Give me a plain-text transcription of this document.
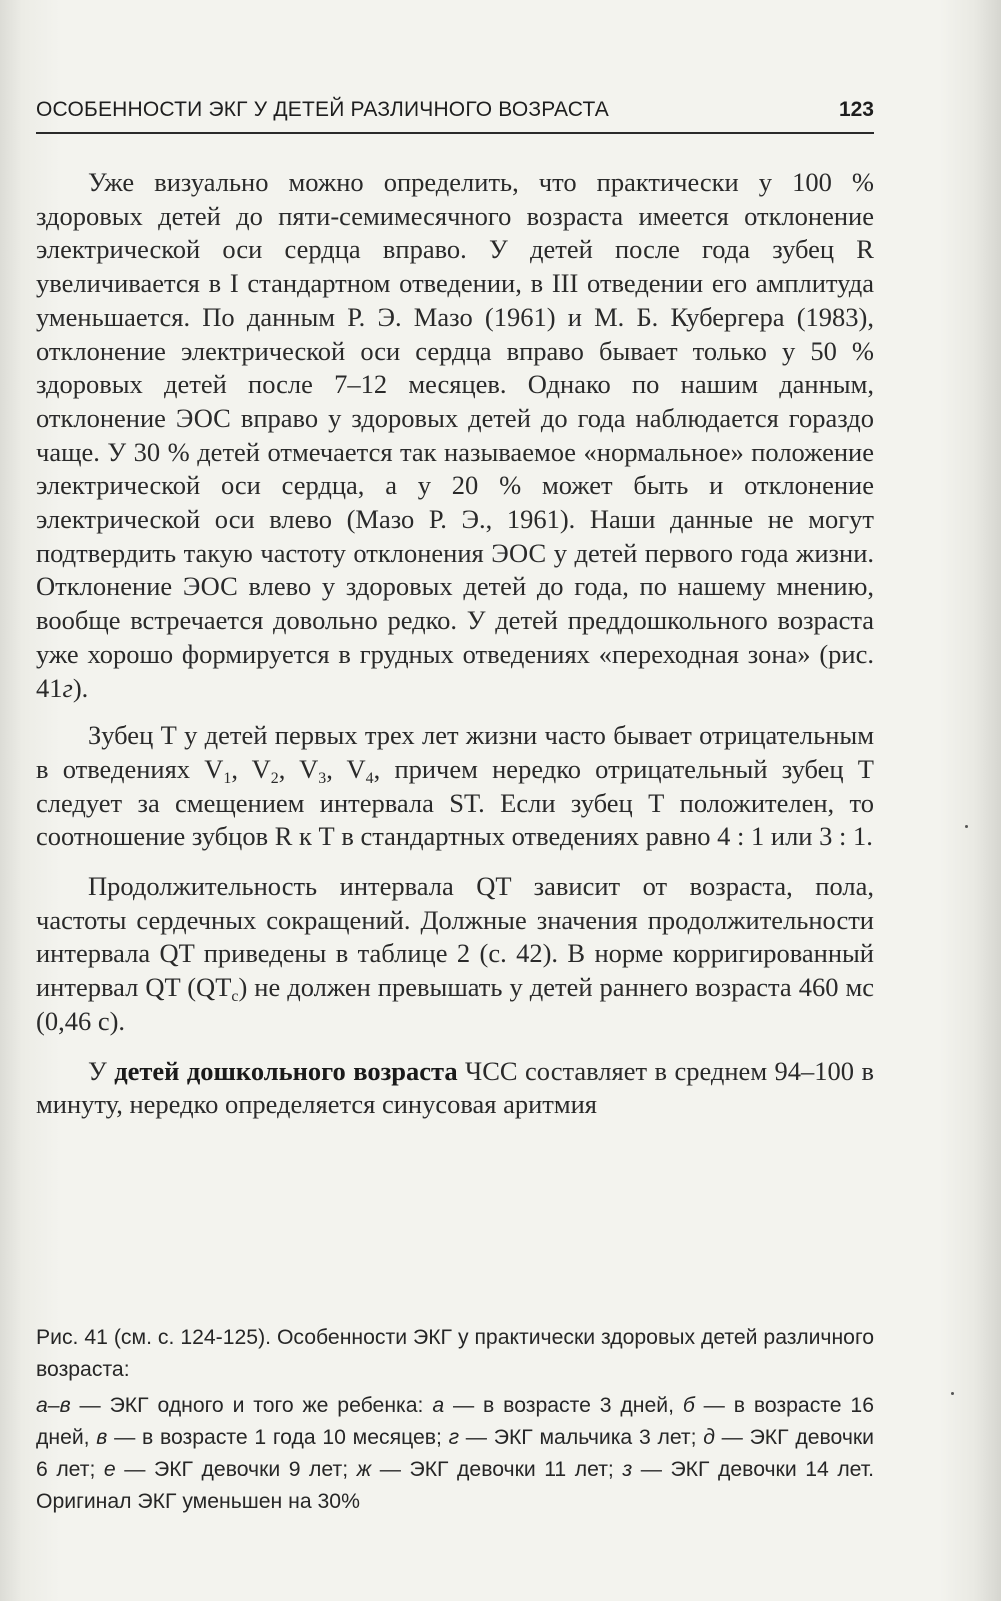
ОСОБЕННОСТИ ЭКГ У ДЕТЕЙ РАЗЛИЧНОГО ВОЗРАСТА	123

Уже визуально можно определить, что практически у 100 % здоровых детей до пяти-семимесячного возраста имеется отклонение электрической оси сердца вправо. У детей после года зубец R увеличивается в I стандартном отведении, в III отведении его амплитуда уменьшается. По данным Р. Э. Мазо (1961) и М. Б. Кубергера (1983), отклонение электрической оси сердца вправо бывает только у 50 % здоровых детей после 7–12 месяцев. Однако по нашим данным, отклонение ЭОС вправо у здоровых детей до года наблюдается гораздо чаще. У 30 % детей отмечается так называемое «нормальное» положение электрической оси сердца, а у 20 % может быть и отклонение электрической оси влево (Мазо Р. Э., 1961). Наши данные не могут подтвердить такую частоту отклонения ЭОС у детей первого года жизни. Отклонение ЭОС влево у здоровых детей до года, по нашему мнению, вообще встречается довольно редко. У детей преддошкольного возраста уже хорошо формируется в грудных отведениях «переходная зона» (рис. 41г).

Зубец Т у детей первых трех лет жизни часто бывает отрицательным в отведениях $V_1$, $V_2$, $V_3$, $V_4$, причем нередко отрицательный зубец Т следует за смещением интервала ST. Если зубец Т положителен, то соотношение зубцов R к Т в стандартных отведениях равно 4 : 1 или 3 : 1.

Продолжительность интервала QT зависит от возраста, пола, частоты сердечных сокращений. Должные значения продолжительности интервала QT приведены в таблице 2 (с. 42). В норме корригированный интервал QT $(QT_c)$ не должен превышать у детей раннего возраста 460 мс (0,46 с).

У детей дошкольного возраста ЧСС составляет в среднем 94–100 в минуту, нередко определяется синусовая аритмия

Рис. 41 (см. с. 124-125). Особенности ЭКГ у практически здоровых детей различного возраста:

а–в — ЭКГ одного и того же ребенка: а — в возрасте 3 дней, б — в возрасте 16 дней, в — в возрасте 1 года 10 месяцев; г — ЭКГ мальчика 3 лет; д — ЭКГ девочки 6 лет; е — ЭКГ девочки 9 лет; ж — ЭКГ девочки 11 лет; з — ЭКГ девочки 14 лет. Оригинал ЭКГ уменьшен на 30%
